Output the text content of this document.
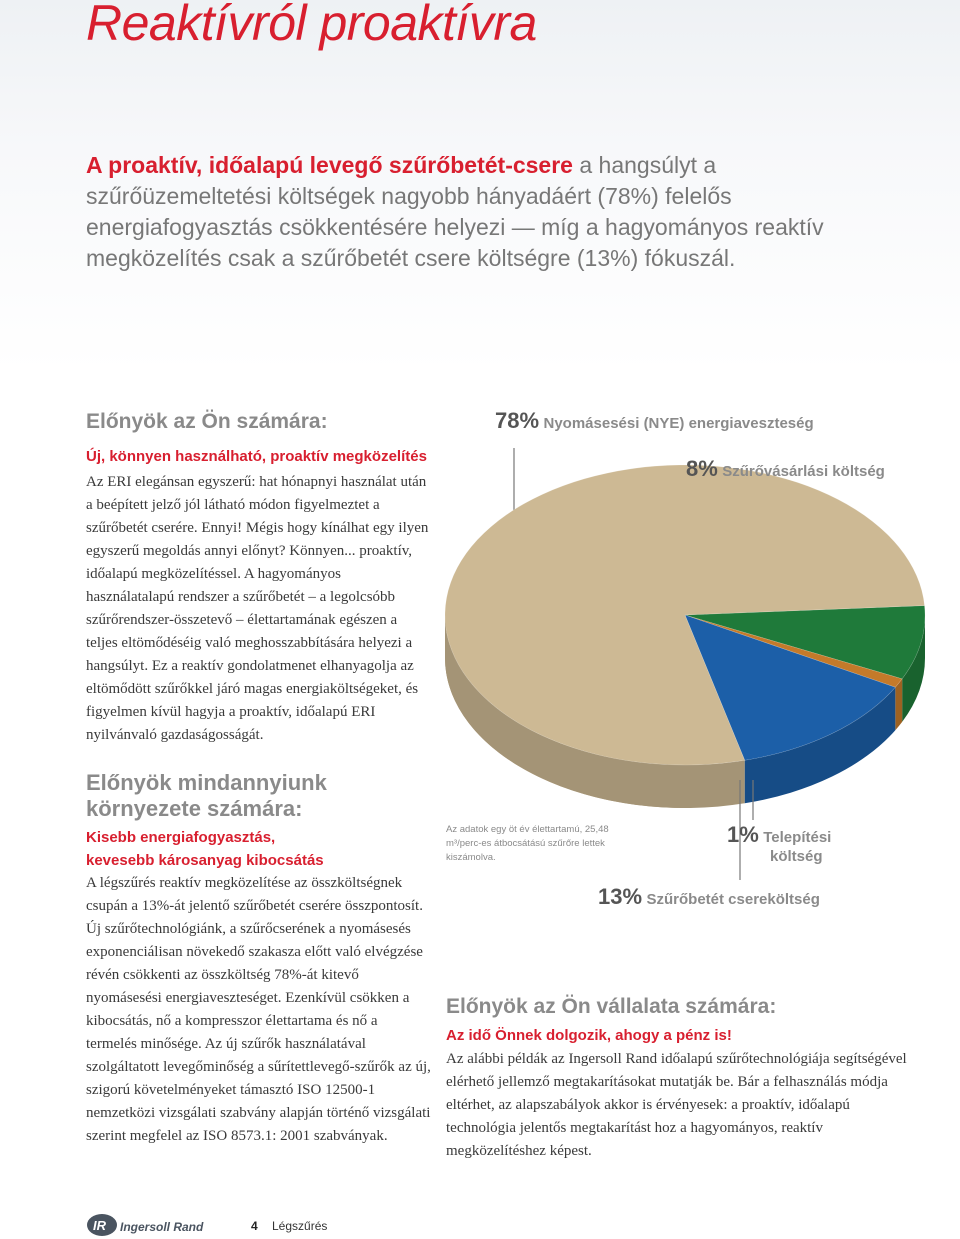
Reaktívról proaktívra
A proaktív, időalapú levegő szűrőbetét-csere a hangsúlyt a szűrőüzemeltetési költségek nagyobb hányadáért (78%) felelős energiafogyasztás csökkentésére helyezi — míg a hagyományos reaktív megközelítés csak a szűrőbetét csere költségre (13%) fókuszál.
Előnyök az Ön számára:
Új, könnyen használható, proaktív megközelítés
Az ERI elegánsan egyszerű: hat hónapnyi használat után a beépített jelző jól látható módon figyelmeztet a szűrőbetét cserére. Ennyi! Mégis hogy kínálhat egy ilyen egyszerű megoldás annyi előnyt? Könnyen... proaktív, időalapú megközelítéssel. A hagyományos használatalapú rendszer a szűrőbetét – a legolcsóbb szűrőrendszer-összetevő – élettartamának egészen a teljes eltömődéséig való meghosszabbítására helyezi a hangsúlyt. Ez a reaktív gondolatmenet elhanyagolja az eltömődött szűrőkkel járó magas energiaköltségeket, és figyelmen kívül hagyja a proaktív, időalapú ERI nyilvánvaló gazdaságosságát.
Előnyök mindannyiunk környezete számára:
Kisebb energiafogyasztás,
kevesebb károsanyag kibocsátás
A légszűrés reaktív megközelítése az összköltségnek csupán a 13%-át jelentő szűrőbetét cserére összpontosít. Új szűrőtechnológiánk, a szűrőcserének a nyomásesés exponenciálisan növekedő szakasza előtt való elvégzése révén csökkenti az összköltség 78%-át kitevő nyomásesési energiaveszteséget. Ezenkívül csökken a kibocsátás, nő a kompresszor élettartama és nő a termelés minősége. Az új szűrők használatával szolgáltatott levegőminőség a sűrítettlevegő-szűrők az új, szigorú követelményeket támasztó ISO 12500-1 nemzetközi vizsgálati szabvány alapján történő vizsgálati szerint megfelel az ISO 8573.1: 2001 szabványak.
Előnyök az Ön vállalata számára:
Az idő Önnek dolgozik, ahogy a pénz is!
Az alábbi példák az Ingersoll Rand időalapú szűrőtechnológiája segítségével elérhető jellemző megtakarításokat mutatják be. Bár a felhasználás módja eltérhet, az alapszabályok akkor is érvényesek: a proaktív, időalapú technológia jelentős megtakarítást hoz a hagyományos, reaktív megközelítéshez képest.
78% Nyomásesési (NYE) energiaveszteség
8% Szűrővásárlási költség
1% Telepítési
költség
13% Szűrőbetét csereköltség
Az adatok egy öt év élettartamú, 25,48 m³/perc-es átbocsátású szűrőre lettek kiszámolva.
IR Ingersoll Rand	4 Légszűrés
